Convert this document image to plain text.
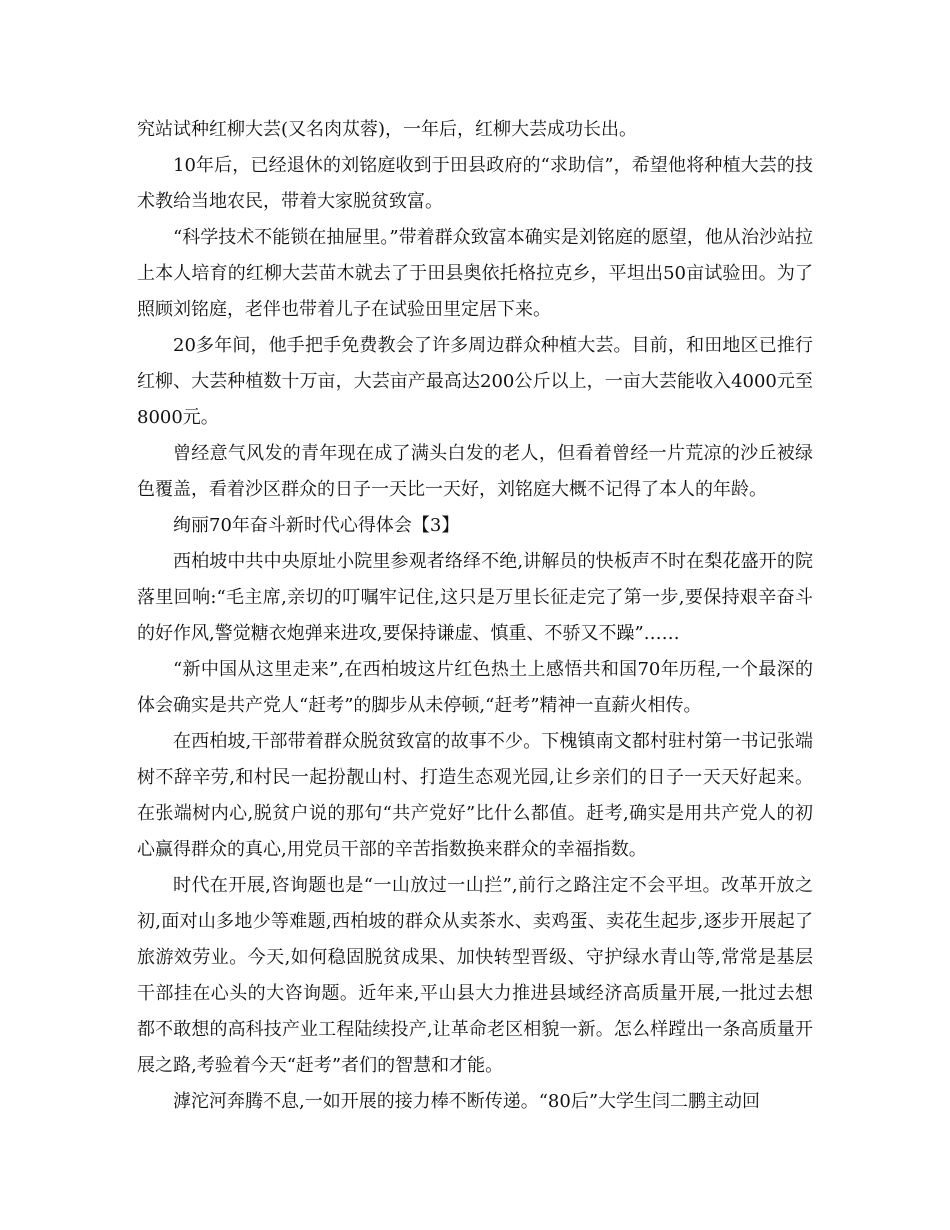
究站试种红柳大芸(又名肉苁蓉)，一年后，红柳大芸成功长出。

10年后，已经退休的刘铭庭收到于田县政府的“求助信”，希望他将种植大芸的技术教给当地农民，带着大家脱贫致富。

“科学技术不能锁在抽屉里。”带着群众致富本确实是刘铭庭的愿望，他从治沙站拉上本人培育的红柳大芸苗木就去了于田县奥依托格拉克乡，平坦出50亩试验田。为了照顾刘铭庭，老伴也带着儿子在试验田里定居下来。

20多年间，他手把手免费教会了许多周边群众种植大芸。目前，和田地区已推行红柳、大芸种植数十万亩，大芸亩产最高达200公斤以上，一亩大芸能收入4000元至8000元。

曾经意气风发的青年现在成了满头白发的老人，但看着曾经一片荒凉的沙丘被绿色覆盖，看着沙区群众的日子一天比一天好，刘铭庭大概不记得了本人的年龄。

绚丽70年奋斗新时代心得体会【3】

西柏坡中共中央原址小院里参观者络绎不绝,讲解员的快板声不时在梨花盛开的院落里回响:“毛主席,亲切的叮嘱牢记住,这只是万里长征走完了第一步,要保持艰辛奋斗的好作风,警觉糖衣炮弹来进攻,要保持谦虚、慎重、不骄又不躁”……

“新中国从这里走来”,在西柏坡这片红色热土上感悟共和国70年历程,一个最深的体会确实是共产党人“赶考”的脚步从未停顿,“赶考”精神一直薪火相传。

在西柏坡,干部带着群众脱贫致富的故事不少。下槐镇南文都村驻村第一书记张端树不辞辛劳,和村民一起扮靓山村、打造生态观光园,让乡亲们的日子一天天好起来。在张端树内心,脱贫户说的那句“共产党好”比什么都值。赶考,确实是用共产党人的初心赢得群众的真心,用党员干部的辛苦指数换来群众的幸福指数。

时代在开展,咨询题也是“一山放过一山拦”,前行之路注定不会平坦。改革开放之初,面对山多地少等难题,西柏坡的群众从卖茶水、卖鸡蛋、卖花生起步,逐步开展起了旅游效劳业。今天,如何稳固脱贫成果、加快转型晋级、守护绿水青山等,常常是基层干部挂在心头的大咨询题。近年来,平山县大力推进县域经济高质量开展,一批过去想都不敢想的高科技产业工程陆续投产,让革命老区相貌一新。怎么样蹚出一条高质量开展之路,考验着今天“赶考”者们的智慧和才能。

滹沱河奔腾不息,一如开展的接力棒不断传递。“80后”大学生闫二鹏主动回
